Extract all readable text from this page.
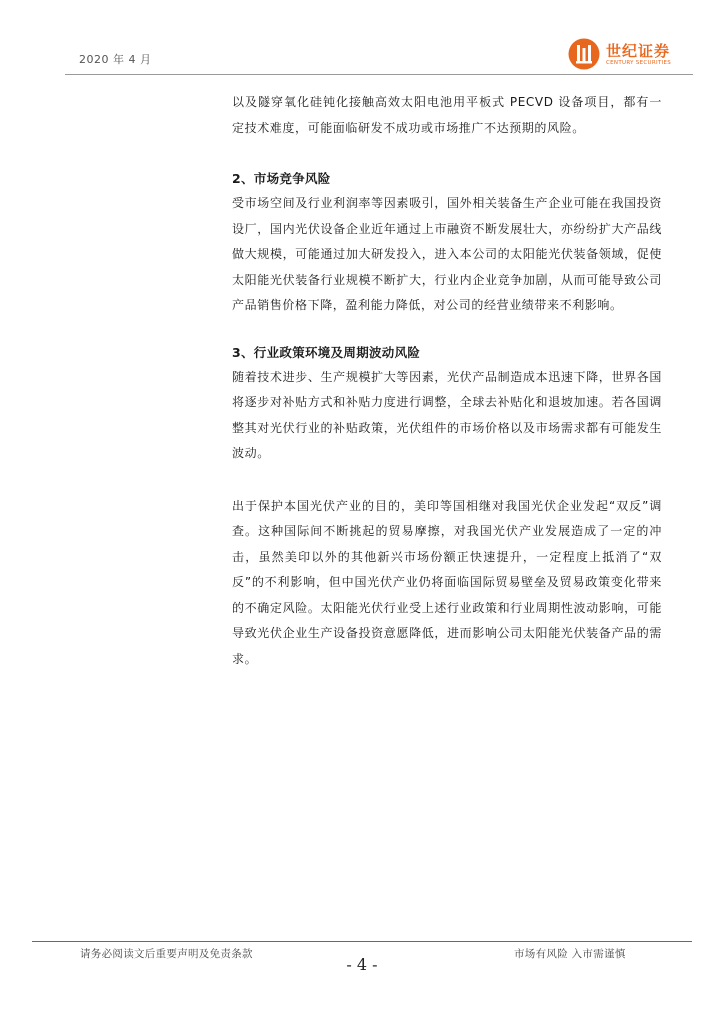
2020 年 4 月	世纪证券
CENTURY SECURITIES

以及隧穿氧化硅钝化接触高效太阳电池用平板式 PECVD 设备项目，都有一定技术难度，可能面临研发不成功或市场推广不达预期的风险。

2、市场竞争风险

受市场空间及行业利润率等因素吸引，国外相关装备生产企业可能在我国投资设厂，国内光伏设备企业近年通过上市融资不断发展壮大，亦纷纷扩大产品线做大规模，可能通过加大研发投入，进入本公司的太阳能光伏装备领域，促使太阳能光伏装备行业规模不断扩大，行业内企业竞争加剧，从而可能导致公司产品销售价格下降，盈利能力降低，对公司的经营业绩带来不利影响。

3、行业政策环境及周期波动风险

随着技术进步、生产规模扩大等因素，光伏产品制造成本迅速下降，世界各国将逐步对补贴方式和补贴力度进行调整，全球去补贴化和退坡加速。若各国调整其对光伏行业的补贴政策，光伏组件的市场价格以及市场需求都有可能发生波动。

出于保护本国光伏产业的目的，美印等国相继对我国光伏企业发起“双反”调查。这种国际间不断挑起的贸易摩擦，对我国光伏产业发展造成了一定的冲击，虽然美印以外的其他新兴市场份额正快速提升，一定程度上抵消了“双反”的不利影响，但中国光伏产业仍将面临国际贸易壁垒及贸易政策变化带来的不确定风险。太阳能光伏行业受上述行业政策和行业周期性波动影响，可能导致光伏企业生产设备投资意愿降低，进而影响公司太阳能光伏装备产品的需求。

请务必阅读文后重要声明及免责条款	市场有风险 入市需谨慎
- 4 -
